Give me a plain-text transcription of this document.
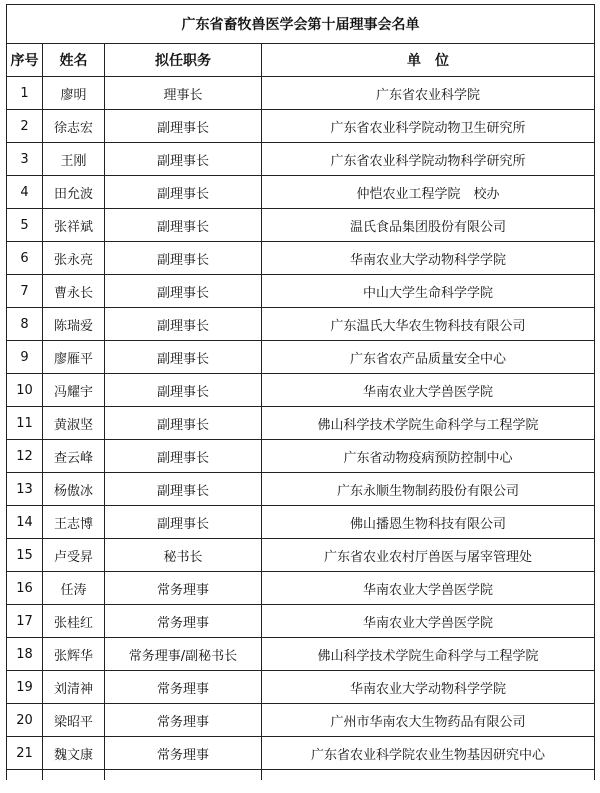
广东省畜牧兽医学会第十届理事会名单			
序号	姓名	拟任职务	单　位
1	廖明	理事长	广东省农业科学院
2	徐志宏	副理事长	广东省农业科学院动物卫生研究所
3	王刚	副理事长	广东省农业科学院动物科学研究所
4	田允波	副理事长	仲恺农业工程学院　校办
5	张祥斌	副理事长	温氏食品集团股份有限公司
6	张永亮	副理事长	华南农业大学动物科学学院
7	曹永长	副理事长	中山大学生命科学学院
8	陈瑞爱	副理事长	广东温氏大华农生物科技有限公司
9	廖雁平	副理事长	广东省农产品质量安全中心
10	冯耀宇	副理事长	华南农业大学兽医学院
11	黄淑坚	副理事长	佛山科学技术学院生命科学与工程学院
12	查云峰	副理事长	广东省动物疫病预防控制中心
13	杨傲冰	副理事长	广东永顺生物制药股份有限公司
14	王志博	副理事长	佛山播恩生物科技有限公司
15	卢受昇	秘书长	广东省农业农村厅兽医与屠宰管理处
16	任涛	常务理事	华南农业大学兽医学院
17	张桂红	常务理事	华南农业大学兽医学院
18	张辉华	常务理事/副秘书长	佛山科学技术学院生命科学与工程学院
19	刘清神	常务理事	华南农业大学动物科学学院
20	梁昭平	常务理事	广州市华南农大生物药品有限公司
21	魏文康	常务理事	广东省农业科学院农业生物基因研究中心
